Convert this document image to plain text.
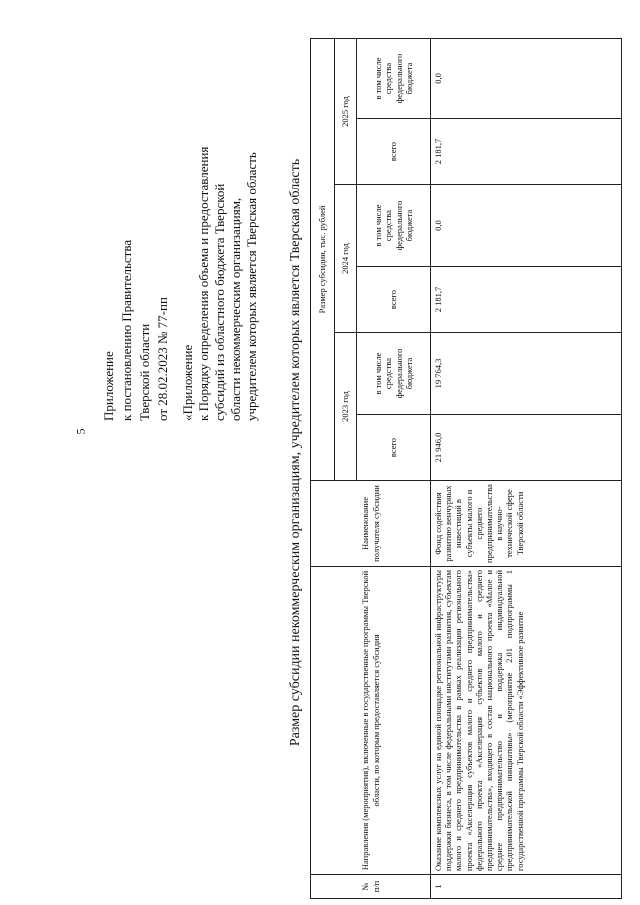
5
Приложение к постановлению Правительства Тверской области от 28.02.2023 № 77-пп «Приложение к Порядку определения объема и предоставления субсидий из областного бюджета Тверской области некоммерческим организациям, учредителем которых является Тверская область Размер субсидии некоммерческим организациям, учредителем которых является Тверская область
№ п/п	Направления (мероприятия), включенные в государственные программы Тверской области, по которым предоставляется субсидия	Наименование получателя субсидии	Размер субсидии, тыс. рублей					
			2023 год		2024 год		2025 год	
			всего	в том числе средства федерального бюджета	всего	в том числе средства федерального бюджета	всего	в том числе средства федерального бюджета
1	Оказание комплексных услуг на единой площадке региональной инфраструктуры поддержки бизнеса, в том числе федеральными институтами развития, субъектам малого и среднего предпринимательства в рамках реализации регионального проекта «Акселерация субъектов малого и среднего предпринимательства» федерального проекта «Акселерация субъектов малого и среднего предпринимательства», входящего в состав национального проекта «Малое и среднее предпринимательство и поддержка индивидуальной предпринимательской инициативы» (мероприятие 2.01 подпрограммы 1 государственной программы Тверской области «Эффективное развитие	Фонд содействия развитию венчурных инвестиций в субъекты малого и среднего предпринимательства в научно-технической сфере Тверской области	21 946,0	19 764,3	2 181,7	0,0	2 181,7	0,0
